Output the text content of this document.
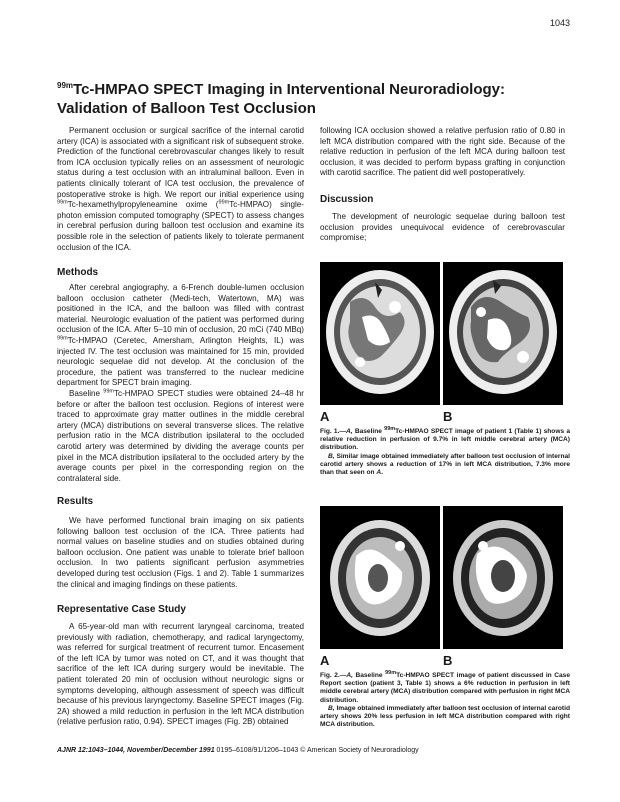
1043
$^{99m}$Tc-HMPAO SPECT Imaging in Interventional Neuroradiology: Validation of Balloon Test Occlusion

Permanent occlusion or surgical sacrifice of the internal carotid artery (ICA) is associated with a significant risk of subsequent stroke. Prediction of the functional cerebrovascular changes likely to result from ICA occlusion typically relies on an assessment of neurologic status during a test occlusion with an intraluminal balloon. Even in patients clinically tolerant of ICA test occlusion, the prevalence of postoperative stroke is high. We report our initial experience using $^{99m}$Tc-hexamethylpropyleneamine oxime ($^{99m}$Tc-HMPAO) single-photon emission computed tomography (SPECT) to assess changes in cerebral perfusion during balloon test occlusion and examine its possible role in the selection of patients likely to tolerate permanent occlusion of the ICA.

Methods

After cerebral angiography, a 6-French double-lumen occlusion balloon occlusion catheter (Medi-tech, Watertown, MA) was positioned in the ICA, and the balloon was filled with contrast material. Neurologic evaluation of the patient was performed during occlusion of the ICA. After 5–10 min of occlusion, 20 mCi (740 MBq) $^{99m}$Tc-HMPAO (Ceretec, Amersham, Arlington Heights, IL) was injected IV. The test occlusion was maintained for 15 min, provided neurologic sequelae did not develop. At the conclusion of the procedure, the patient was transferred to the nuclear medicine department for SPECT brain imaging.

Baseline $^{99m}$Tc-HMPAO SPECT studies were obtained 24–48 hr before or after the balloon test occlusion. Regions of interest were traced to approximate gray matter outlines in the middle cerebral artery (MCA) distributions on several transverse slices. The relative perfusion ratio in the MCA distribution ipsilateral to the occluded carotid artery was determined by dividing the average counts per pixel in the MCA distribution ipsilateral to the occluded artery by the average counts per pixel in the corresponding region on the contralateral side.

Results

We have performed functional brain imaging on six patients following balloon test occlusion of the ICA. Three patients had normal values on baseline studies and on studies obtained during balloon occlusion. One patient was unable to tolerate brief balloon occlusion. In two patients significant perfusion asymmetries developed during test occlusion (Figs. 1 and 2). Table 1 summarizes the clinical and imaging findings on these patients.

Representative Case Study

A 65-year-old man with recurrent laryngeal carcinoma, treated previously with radiation, chemotherapy, and radical laryngectomy, was referred for surgical treatment of recurrent tumor. Encasement of the left ICA by tumor was noted on CT, and it was thought that sacrifice of the left ICA during surgery would be inevitable. The patient tolerated 20 min of occlusion without neurologic signs or symptoms developing, although assessment of speech was difficult because of his previous laryngectomy. Baseline SPECT images (Fig. 2A) showed a mild reduction in perfusion in the left MCA distribution (relative perfusion ratio, 0.94). SPECT images (Fig. 2B) obtained

following ICA occlusion showed a relative perfusion ratio of 0.80 in left MCA distribution compared with the right side. Because of the relative reduction in perfusion of the left MCA during balloon test occlusion, it was decided to perform bypass grafting in conjunction with carotid sacrifice. The patient did well postoperatively.

Discussion

The development of neurologic sequelae during balloon test occlusion provides unequivocal evidence of cerebrovascular compromise;

A	B

Fig. 1.—A, Baseline $^{99m}$Tc-HMPAO SPECT image of patient 1 (Table 1) shows a relative reduction in perfusion of 9.7% in left middle cerebral artery (MCA) distribution.

B, Similar image obtained immediately after balloon test occlusion of internal carotid artery shows a reduction of 17% in left MCA distribution, 7.3% more than that seen on A.

A	B

Fig. 2.—A, Baseline $^{99m}$Tc-HMPAO SPECT image of patient discussed in Case Report section (patient 3, Table 1) shows a 6% reduction in perfusion in left middle cerebral artery (MCA) distribution compared with perfusion in right MCA distribution.

B, Image obtained immediately after balloon test occlusion of internal carotid artery shows 20% less perfusion in left MCA distribution compared with right MCA distribution.

AJNR 12:1043–1044, November/December 1991 0195–6108/91/1206–1043 © American Society of Neuroradiology
